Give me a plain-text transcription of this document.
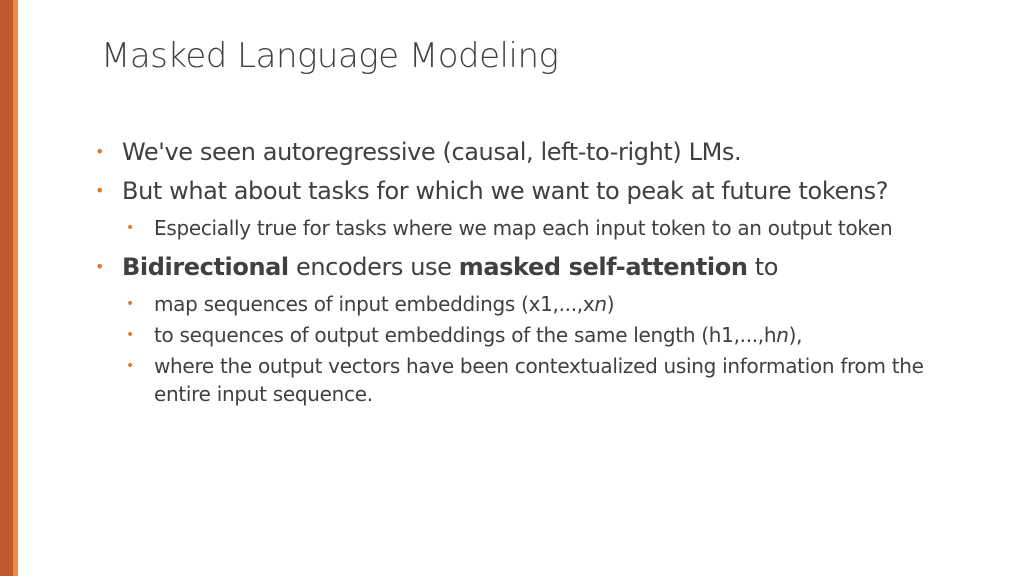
Masked Language Modeling
• We've seen autoregressive (causal, left-to-right) LMs.
• But what about tasks for which we want to peak at future tokens?
• Especially true for tasks where we map each input token to an output token
• Bidirectional encoders use masked self-attention to
• map sequences of input embeddings (x1,...,xn)
• to sequences of output embeddings of the same length (h1,...,hn),
• where the output vectors have been contextualized using information from the entire input sequence.
